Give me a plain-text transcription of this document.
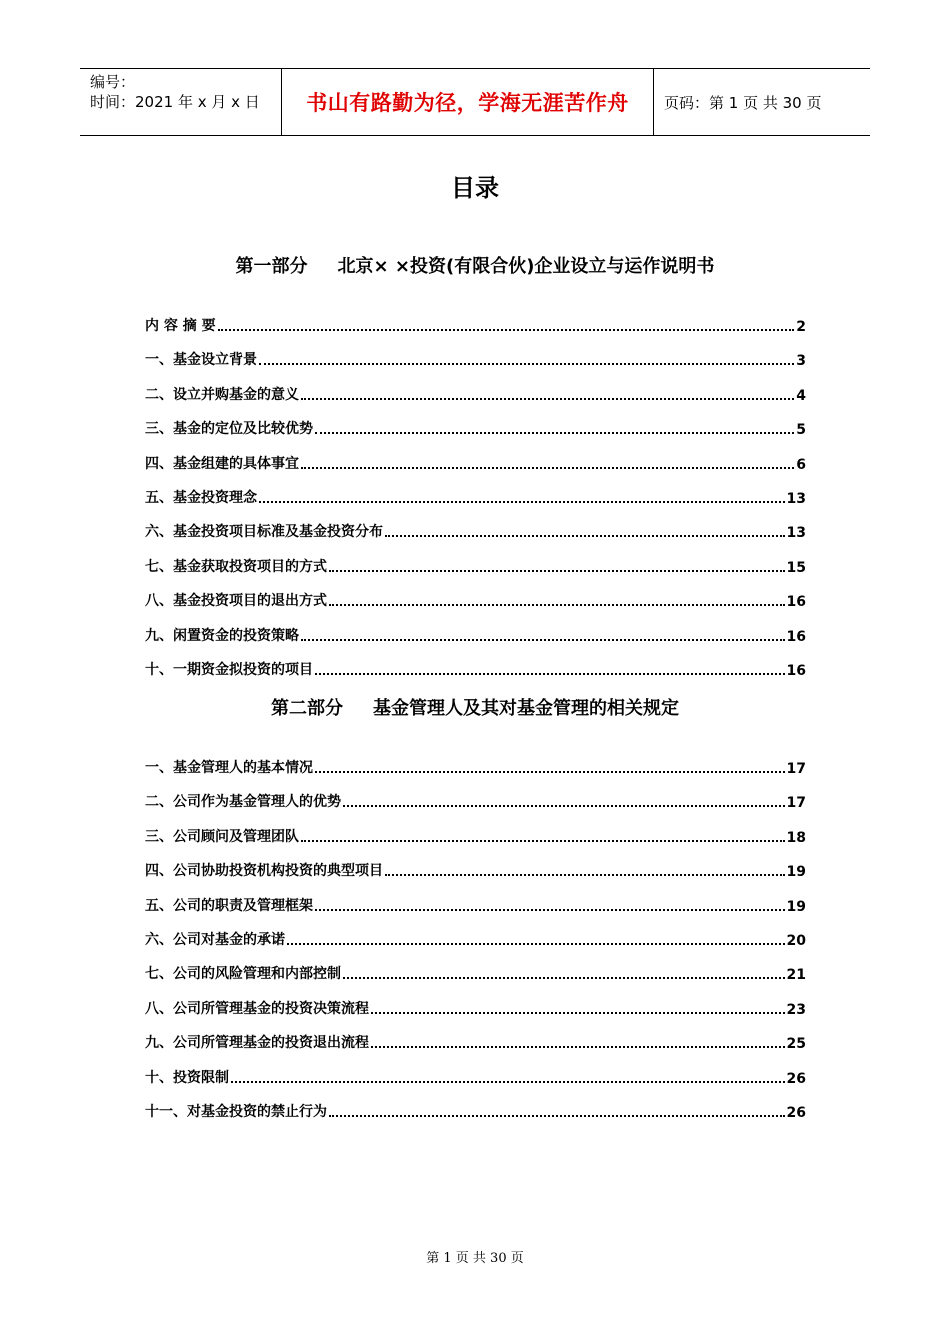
编号：
时间：2021 年 x 月 x 日	书山有路勤为径，学海无涯苦作舟	页码：第 1 页 共 30 页
目录
第一部分 北京× ×投资(有限合伙)企业设立与运作说明书
内 容 摘 要	2
一、基金设立背景	3
二、设立并购基金的意义	4
三、基金的定位及比较优势	5
四、基金组建的具体事宜	6
五、基金投资理念	13
六、基金投资项目标准及基金投资分布	13
七、基金获取投资项目的方式	15
八、基金投资项目的退出方式	16
九、闲置资金的投资策略	16
十、一期资金拟投资的项目	16
第二部分 基金管理人及其对基金管理的相关规定
一、基金管理人的基本情况	17
二、公司作为基金管理人的优势	17
三、公司顾问及管理团队	18
四、公司协助投资机构投资的典型项目	19
五、公司的职责及管理框架	19
六、公司对基金的承诺	20
七、公司的风险管理和内部控制	21
八、公司所管理基金的投资决策流程	23
九、公司所管理基金的投资退出流程	25
十、投资限制	26
十一、对基金投资的禁止行为	26
第 1 页 共 30 页
